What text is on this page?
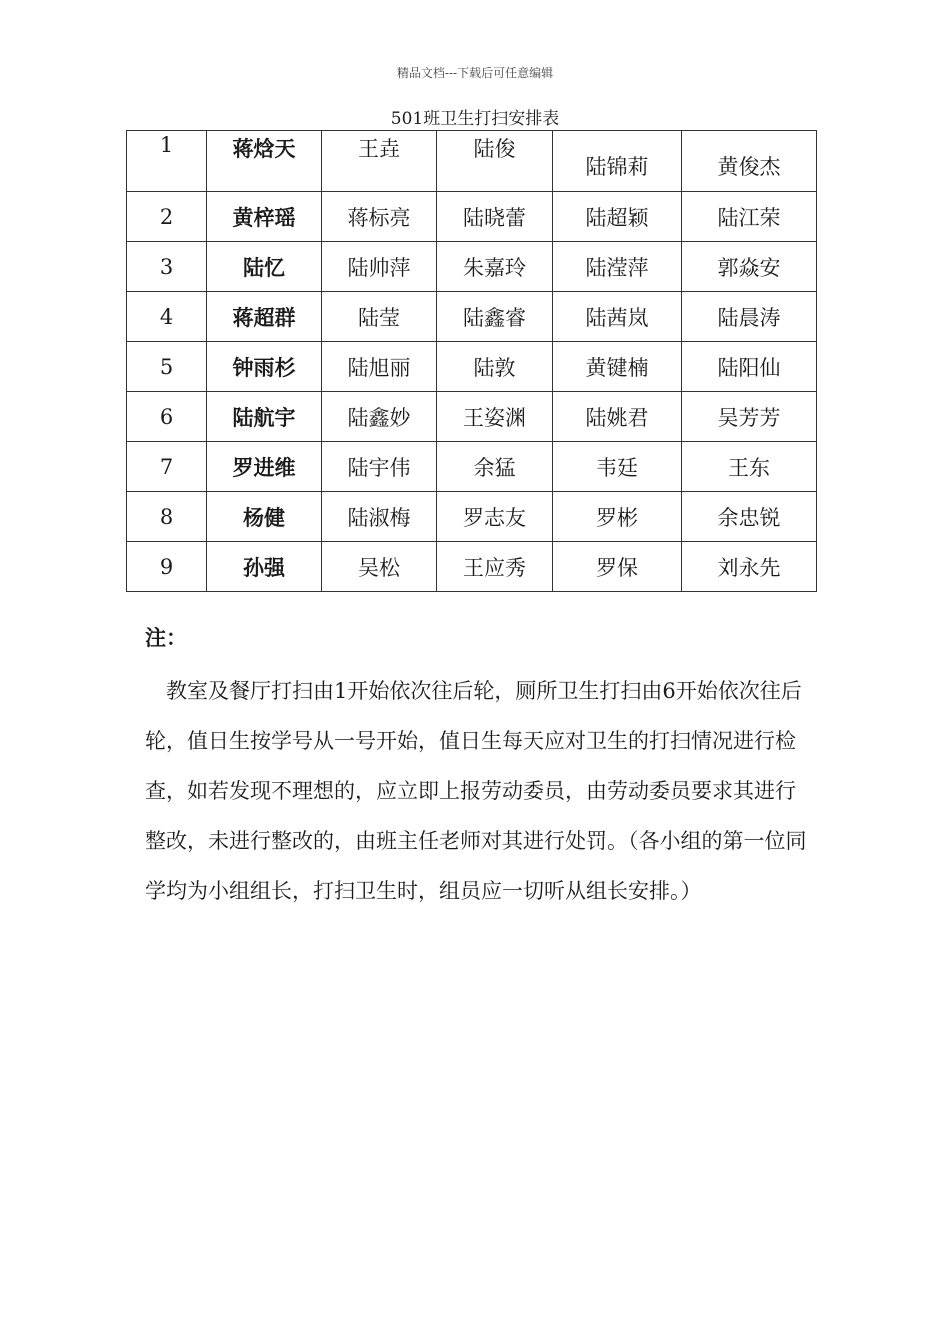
精品文档---下载后可任意编辑
501班卫生打扫安排表
1	蒋焓天	王垚	陆俊	陆锦莉	黄俊杰
2	黄梓瑶	蒋标亮	陆晓蕾	陆超颖	陆江荣
3	陆忆	陆帅萍	朱嘉玲	陆滢萍	郭焱安
4	蒋超群	陆莹	陆鑫睿	陆茜岚	陆晨涛
5	钟雨杉	陆旭丽	陆敦	黄键楠	陆阳仙
6	陆航宇	陆鑫妙	王姿渊	陆姚君	吴芳芳
7	罗进维	陆宇伟	余猛	韦廷	王东
8	杨健	陆淑梅	罗志友	罗彬	余忠锐
9	孙强	吴松	王应秀	罗保	刘永先
注：
教室及餐厅打扫由1开始依次往后轮，厕所卫生打扫由6开始依次往后轮，值日生按学号从一号开始，值日生每天应对卫生的打扫情况进行检查，如若发现不理想的，应立即上报劳动委员，由劳动委员要求其进行整改，未进行整改的，由班主任老师对其进行处罚。（各小组的第一位同学均为小组组长，打扫卫生时，组员应一切听从组长安排。）
